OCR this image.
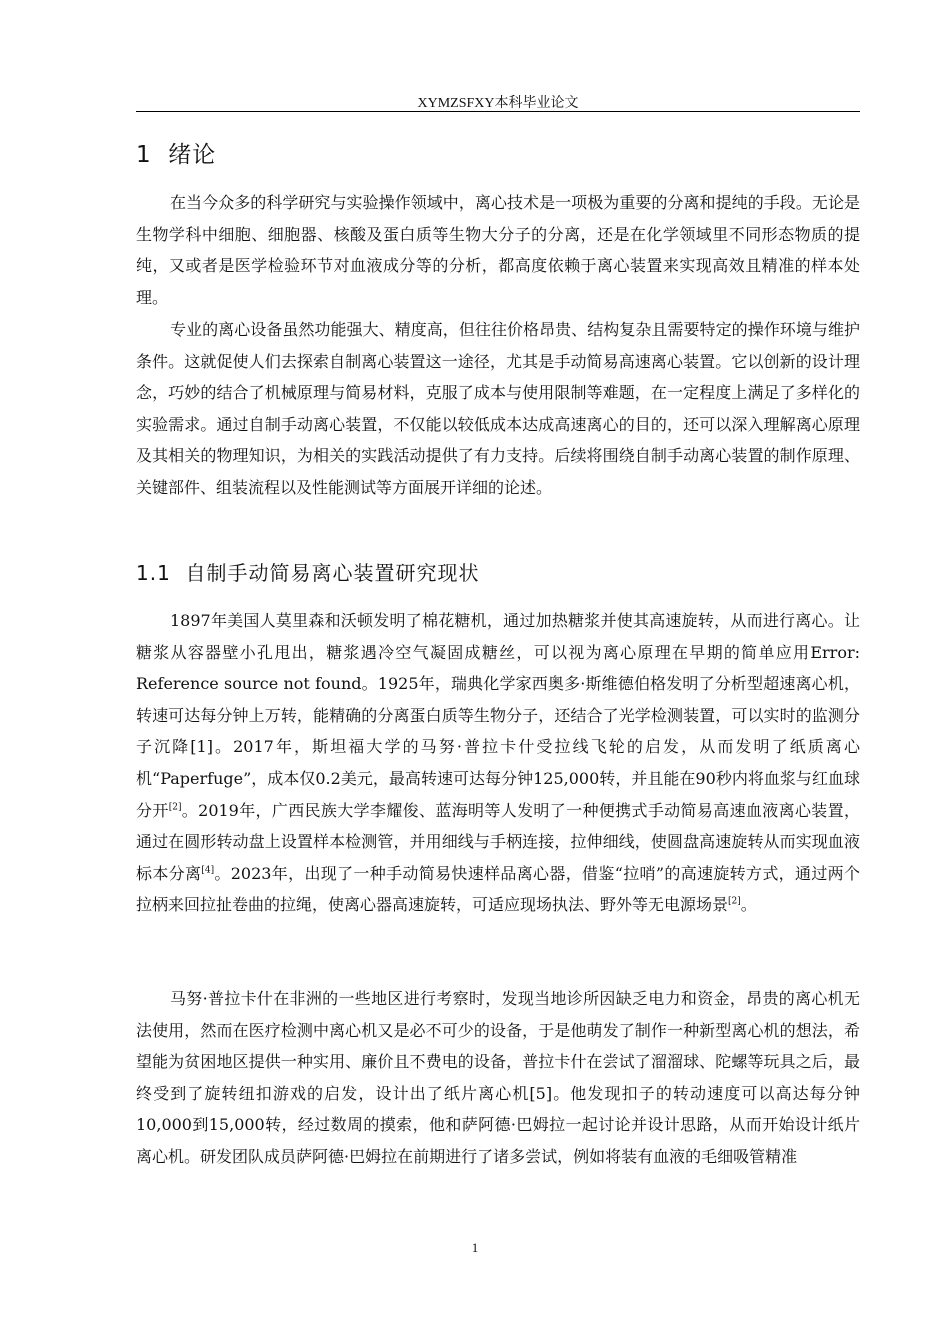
XYMZSFXY本科毕业论文
1 绪论

在当今众多的科学研究与实验操作领域中，离心技术是一项极为重要的分离和提纯的手段。无论是生物学科中细胞、细胞器、核酸及蛋白质等生物大分子的分离，还是在化学领域里不同形态物质的提纯，又或者是医学检验环节对血液成分等的分析，都高度依赖于离心装置来实现高效且精准的样本处理。

专业的离心设备虽然功能强大、精度高，但往往价格昂贵、结构复杂且需要特定的操作环境与维护条件。这就促使人们去探索自制离心装置这一途径，尤其是手动简易高速离心装置。它以创新的设计理念，巧妙的结合了机械原理与简易材料，克服了成本与使用限制等难题，在一定程度上满足了多样化的实验需求。通过自制手动离心装置，不仅能以较低成本达成高速离心的目的，还可以深入理解离心原理及其相关的物理知识，为相关的实践活动提供了有力支持。后续将围绕自制手动离心装置的制作原理、关键部件、组装流程以及性能测试等方面展开详细的论述。

1.1 自制手动简易离心装置研究现状

1897年美国人莫里森和沃顿发明了棉花糖机，通过加热糖浆并使其高速旋转，从而进行离心。让糖浆从容器壁小孔甩出，糖浆遇冷空气凝固成糖丝，可以视为离心原理在早期的简单应用Error: Reference source not found。1925年，瑞典化学家西奥多·斯维德伯格发明了分析型超速离心机，转速可达每分钟上万转，能精确的分离蛋白质等生物分子，还结合了光学检测装置，可以实时的监测分子沉降[1]。2017年，斯坦福大学的马努·普拉卡什受拉线飞轮的启发，从而发明了纸质离心机“Paperfuge”，成本仅0.2美元，最高转速可达每分钟125,000转，并且能在90秒内将血浆与红血球分开[2]。2019年，广西民族大学李耀俊、蓝海明等人发明了一种便携式手动简易高速血液离心装置，通过在圆形转动盘上设置样本检测管，并用细线与手柄连接，拉伸细线，使圆盘高速旋转从而实现血液标本分离[4]。2023年，出现了一种手动简易快速样品离心器，借鉴“拉哨”的高速旋转方式，通过两个拉柄来回拉扯卷曲的拉绳，使离心器高速旋转，可适应现场执法、野外等无电源场景[2]。

马努·普拉卡什在非洲的一些地区进行考察时，发现当地诊所因缺乏电力和资金，昂贵的离心机无法使用，然而在医疗检测中离心机又是必不可少的设备，于是他萌发了制作一种新型离心机的想法，希望能为贫困地区提供一种实用、廉价且不费电的设备，普拉卡什在尝试了溜溜球、陀螺等玩具之后，最终受到了旋转纽扣游戏的启发，设计出了纸片离心机[5]。他发现扣子的转动速度可以高达每分钟10,000到15,000转，经过数周的摸索，他和萨阿德·巴姆拉一起讨论并设计思路，从而开始设计纸片离心机。研发团队成员萨阿德·巴姆拉在前期进行了诸多尝试，例如将装有血液的毛细吸管精准

1
